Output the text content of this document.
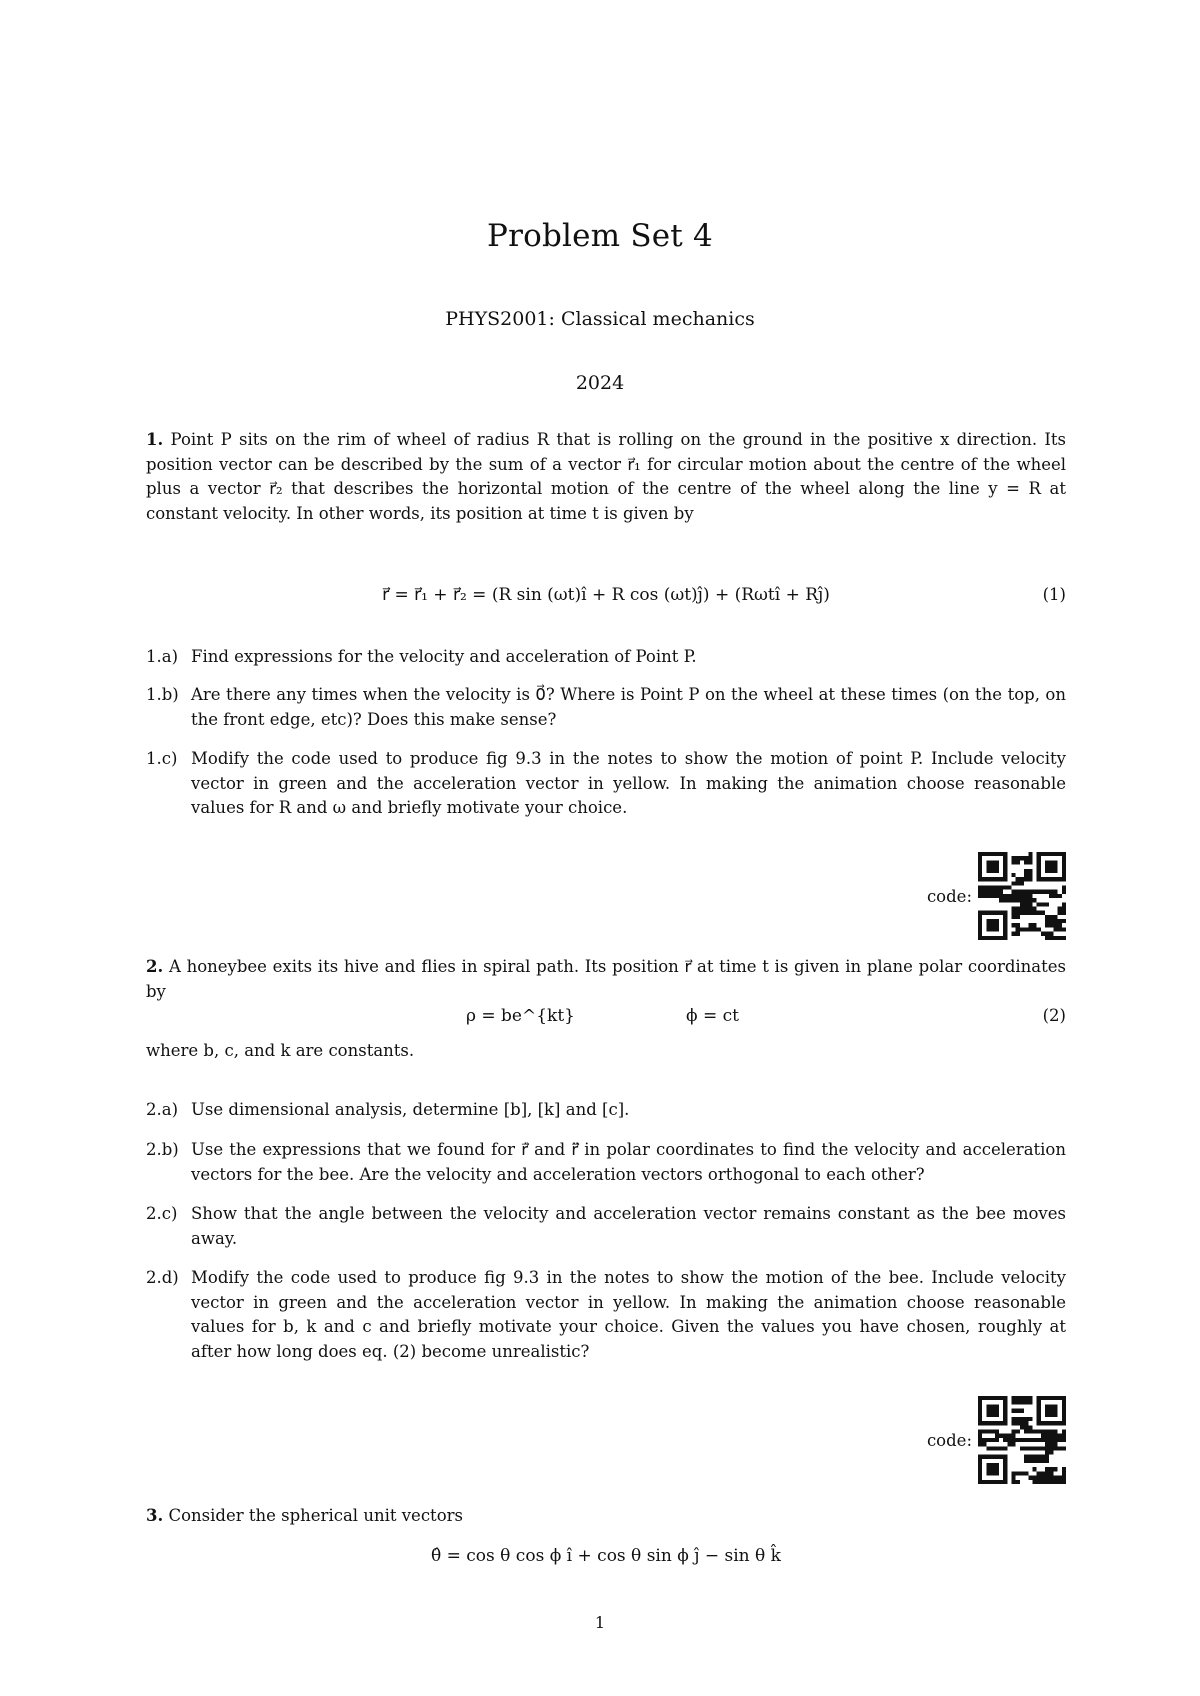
Problem Set 4
PHYS2001: Classical mechanics
2024
1. Point P sits on the rim of wheel of radius R that is rolling on the ground in the positive x direction. Its position vector can be described by the sum of a vector r⃗₁ for circular motion about the centre of the wheel plus a vector r⃗₂ that describes the horizontal motion of the centre of the wheel along the line y = R at constant velocity. In other words, its position at time t is given by
r⃗ = r⃗₁ + r⃗₂ = (R sin (ωt)î + R cos (ωt)ĵ) + (Rωtî + Rĵ)	(1)
1.a) Find expressions for the velocity and acceleration of Point P.
1.b) Are there any times when the velocity is 0⃗? Where is Point P on the wheel at these times (on the top, on the front edge, etc)? Does this make sense?
1.c) Modify the code used to produce fig 9.3 in the notes to show the motion of point P. Include velocity vector in green and the acceleration vector in yellow. In making the animation choose reasonable values for R and ω and briefly motivate your choice.
code:
2. A honeybee exits its hive and flies in spiral path. Its position r⃗ at time t is given in plane polar coordinates by
ρ = be^{kt}	ϕ = ct	(2)
where b, c, and k are constants.
2.a) Use dimensional analysis, determine [b], [k] and [c].
2.b) Use the expressions that we found for r⃗̇ and r⃗̈ in polar coordinates to find the velocity and acceleration vectors for the bee. Are the velocity and acceleration vectors orthogonal to each other?
2.c) Show that the angle between the velocity and acceleration vector remains constant as the bee moves away.
2.d) Modify the code used to produce fig 9.3 in the notes to show the motion of the bee. Include velocity vector in green and the acceleration vector in yellow. In making the animation choose reasonable values for b, k and c and briefly motivate your choice. Given the values you have chosen, roughly at after how long does eq. (2) become unrealistic?
code:
3. Consider the spherical unit vectors
θ̂ = cos θ cos ϕ î + cos θ sin ϕ ĵ − sin θ k̂
1
